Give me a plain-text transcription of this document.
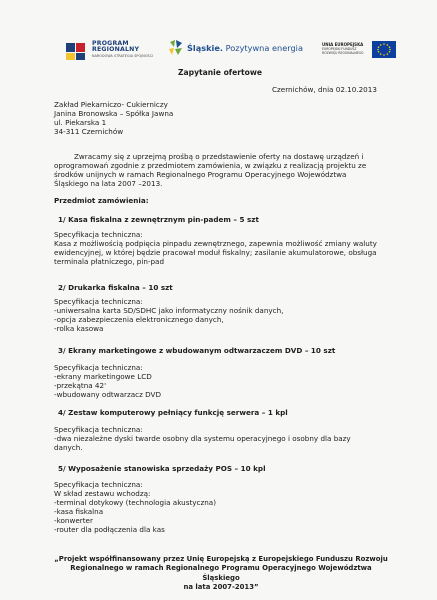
PROGRAM
REGIONALNY
NARODOWA STRATEGIA SPÓJNOŚCI
Śląskie. Pozytywna energia	UNIA EUROPEJSKA
EUROPEJSKI FUNDUSZ
ROZWOJU REGIONALNEGO
Zapytanie ofertowe
Czernichów, dnia 02.10.2013
Zakład Piekarniczo- Cukierniczy
Janina Bronowska – Spółka Jawna
ul. Piekarska 1
34-311 Czernichów
Zwracamy się z uprzejmą prośbą o przedstawienie oferty na dostawę urządzeń i
oprogramowań zgodnie z przedmiotem zamówienia, w związku z realizacją projektu ze
środków unijnych w ramach Regionalnego Programu Operacyjnego Województwa
Śląskiego na lata 2007 –2013.
Przedmiot zamówienia:
1/ Kasa fiskalna z zewnętrznym pin-padem – 5 szt
Specyfikacja techniczna:
Kasa z możliwością podpięcia pinpadu zewnętrznego, zapewnia możliwość zmiany waluty
ewidencyjnej, w której będzie pracował moduł fiskalny; zasilanie akumulatorowe, obsługa
terminala płatniczego, pin-pad
2/ Drukarka fiskalna – 10 szt
Specyfikacja techniczna:
-uniwersalna karta SD/SDHC jako informatyczny nośnik danych,
-opcja zabezpieczenia elektronicznego danych,
-rolka kasowa
3/ Ekrany marketingowe z wbudowanym odtwarzaczem DVD – 10 szt
Specyfikacja techniczna:
-ekrany marketingowe LCD
-przekątna 42'
-wbudowany odtwarzacz DVD
4/ Zestaw komputerowy pełniący funkcję serwera – 1 kpl
Specyfikacja techniczna:
-dwa niezależne dyski twarde osobny dla systemu operacyjnego i osobny dla bazy
danych.
5/ Wyposażenie stanowiska sprzedaży POS – 10 kpl
Specyfikacja techniczna:
W skład zestawu wchodzą:
-terminal dotykowy (technologia akustyczna)
-kasa fiskalna
-konwerter
-router dla podłączenia dla kas
„Projekt współfinansowany przez Unię Europejską z Europejskiego Funduszu Rozwoju
Regionalnego w ramach Regionalnego Programu Operacyjnego Województwa Śląskiego
na lata 2007-2013”
